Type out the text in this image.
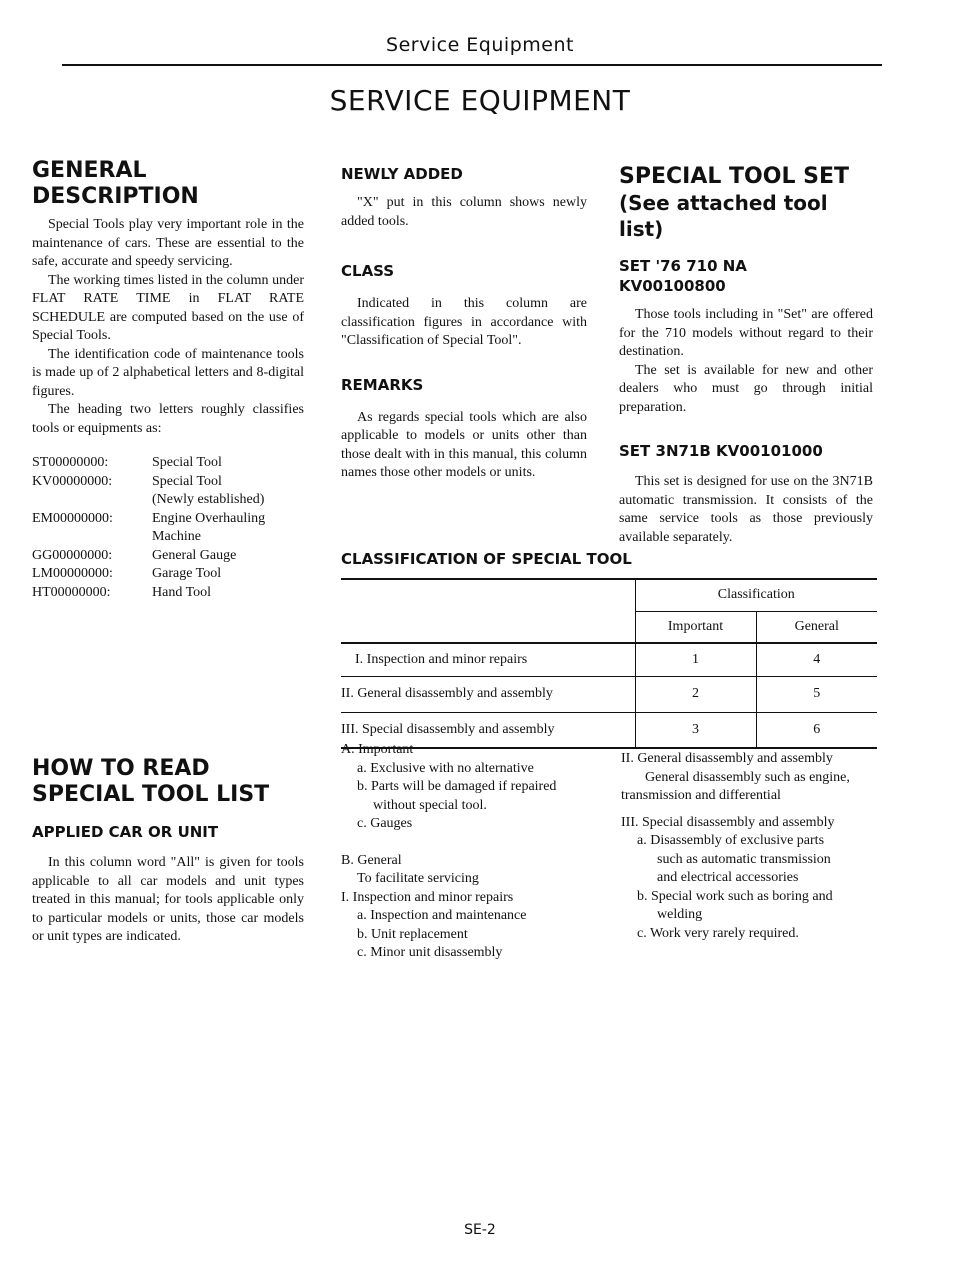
Service Equipment
SERVICE EQUIPMENT
GENERAL
DESCRIPTION

Special Tools play very important role in the maintenance of cars. These are essential to the safe, accurate and speedy servicing.

The working times listed in the column under FLAT RATE TIME in FLAT RATE SCHEDULE are computed based on the use of Special Tools.

The identification code of maintenance tools is made up of 2 alphabetical letters and 8-digital figures.

The heading two letters roughly classifies tools or equipments as:

ST00000000:	Special Tool
KV00000000:	Special Tool
	(Newly established)
EM00000000:	Engine Overhauling
	Machine
GG00000000:	General Gauge
LM00000000:	Garage Tool
HT00000000:	Hand Tool
HOW TO READ
SPECIAL TOOL LIST
APPLIED CAR OR UNIT

In this column word "All" is given for tools applicable to all car models and unit types treated in this manual; for tools applicable only to particular models or units, those car models or unit types are indicated.

NEWLY ADDED

"X" put in this column shows newly added tools.

CLASS

Indicated in this column are classification figures in accordance with "Classification of Special Tool".

REMARKS

As regards special tools which are also applicable to models or units other than those dealt with in this manual, this column names those other models or units.

SPECIAL TOOL SET
(See attached tool list)
SET '76 710 NA
KV00100800

Those tools including in "Set" are offered for the 710 models without regard to their destination.

The set is available for new and other dealers who must go through initial preparation.

SET 3N71B KV00101000

This set is designed for use on the 3N71B automatic transmission. It consists of the same service tools as those previously available separately.

CLASSIFICATION OF SPECIAL TOOL
	Classification	
	Important	General
I. Inspection and minor repairs	1	4
II. General disassembly and assembly	2	5
III. Special disassembly and assembly	3	6
A. Important
a. Exclusive with no alternative
b. Parts will be damaged if repaired
without special tool.
c. Gauges
B. General
To facilitate servicing
I. Inspection and minor repairs
a. Inspection and maintenance
b. Unit replacement
c. Minor unit disassembly
II. General disassembly and assembly
General disassembly such as engine,
transmission and differential
III. Special disassembly and assembly
a. Disassembly of exclusive parts
such as automatic transmission
and electrical accessories
b. Special work such as boring and
welding
c. Work very rarely required.
SE-2
